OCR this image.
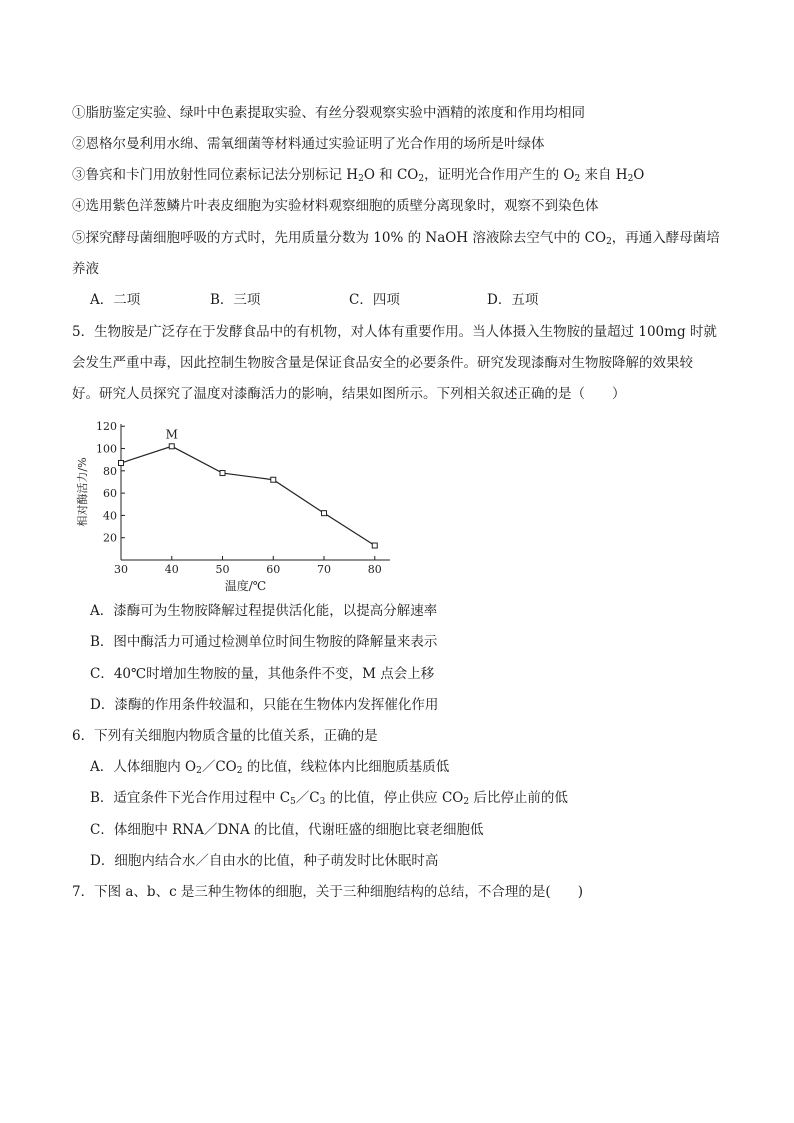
①脂肪鉴定实验、绿叶中色素提取实验、有丝分裂观察实验中酒精的浓度和作用均相同
②恩格尔曼利用水绵、需氧细菌等材料通过实验证明了光合作用的场所是叶绿体
③鲁宾和卡门用放射性同位素标记法分别标记 $H_2O$ 和 $CO_2$，证明光合作用产生的 $O_2$ 来自 $H_2O$
④选用紫色洋葱鳞片叶表皮细胞为实验材料观察细胞的质壁分离现象时，观察不到染色体
⑤探究酵母菌细胞呼吸的方式时，先用质量分数为 10% 的 NaOH 溶液除去空气中的 $CO_2$，再通入酵母菌培
养液
A．二项	B．三项	C．四项	D．五项
5．生物胺是广泛存在于发酵食品中的有机物，对人体有重要作用。当人体摄入生物胺的量超过 100mg 时就
会发生严重中毒，因此控制生物胺含量是保证食品安全的必要条件。研究发现漆酶对生物胺降解的效果较
好。研究人员探究了温度对漆酶活力的影响，结果如图所示。下列相关叙述正确的是（　　）
20
40
60
80
100
120
30	40	50	60	70	80
M
温度/℃
相对酶活力/%
A．漆酶可为生物胺降解过程提供活化能，以提高分解速率
B．图中酶活力可通过检测单位时间生物胺的降解量来表示
C．40℃时增加生物胺的量，其他条件不变，M 点会上移
D．漆酶的作用条件较温和，只能在生物体内发挥催化作用
6．下列有关细胞内物质含量的比值关系，正确的是
A．人体细胞内 $O_2/CO_2$ 的比值，线粒体内比细胞质基质低
B．适宜条件下光合作用过程中 $C_5/C_3$ 的比值，停止供应 $CO_2$ 后比停止前的低
C．体细胞中 RNA／DNA 的比值，代谢旺盛的细胞比衰老细胞低
D．细胞内结合水／自由水的比值，种子萌发时比休眠时高
7．下图 a、b、c 是三种生物体的细胞，关于三种细胞结构的总结，不合理的是(　　)
